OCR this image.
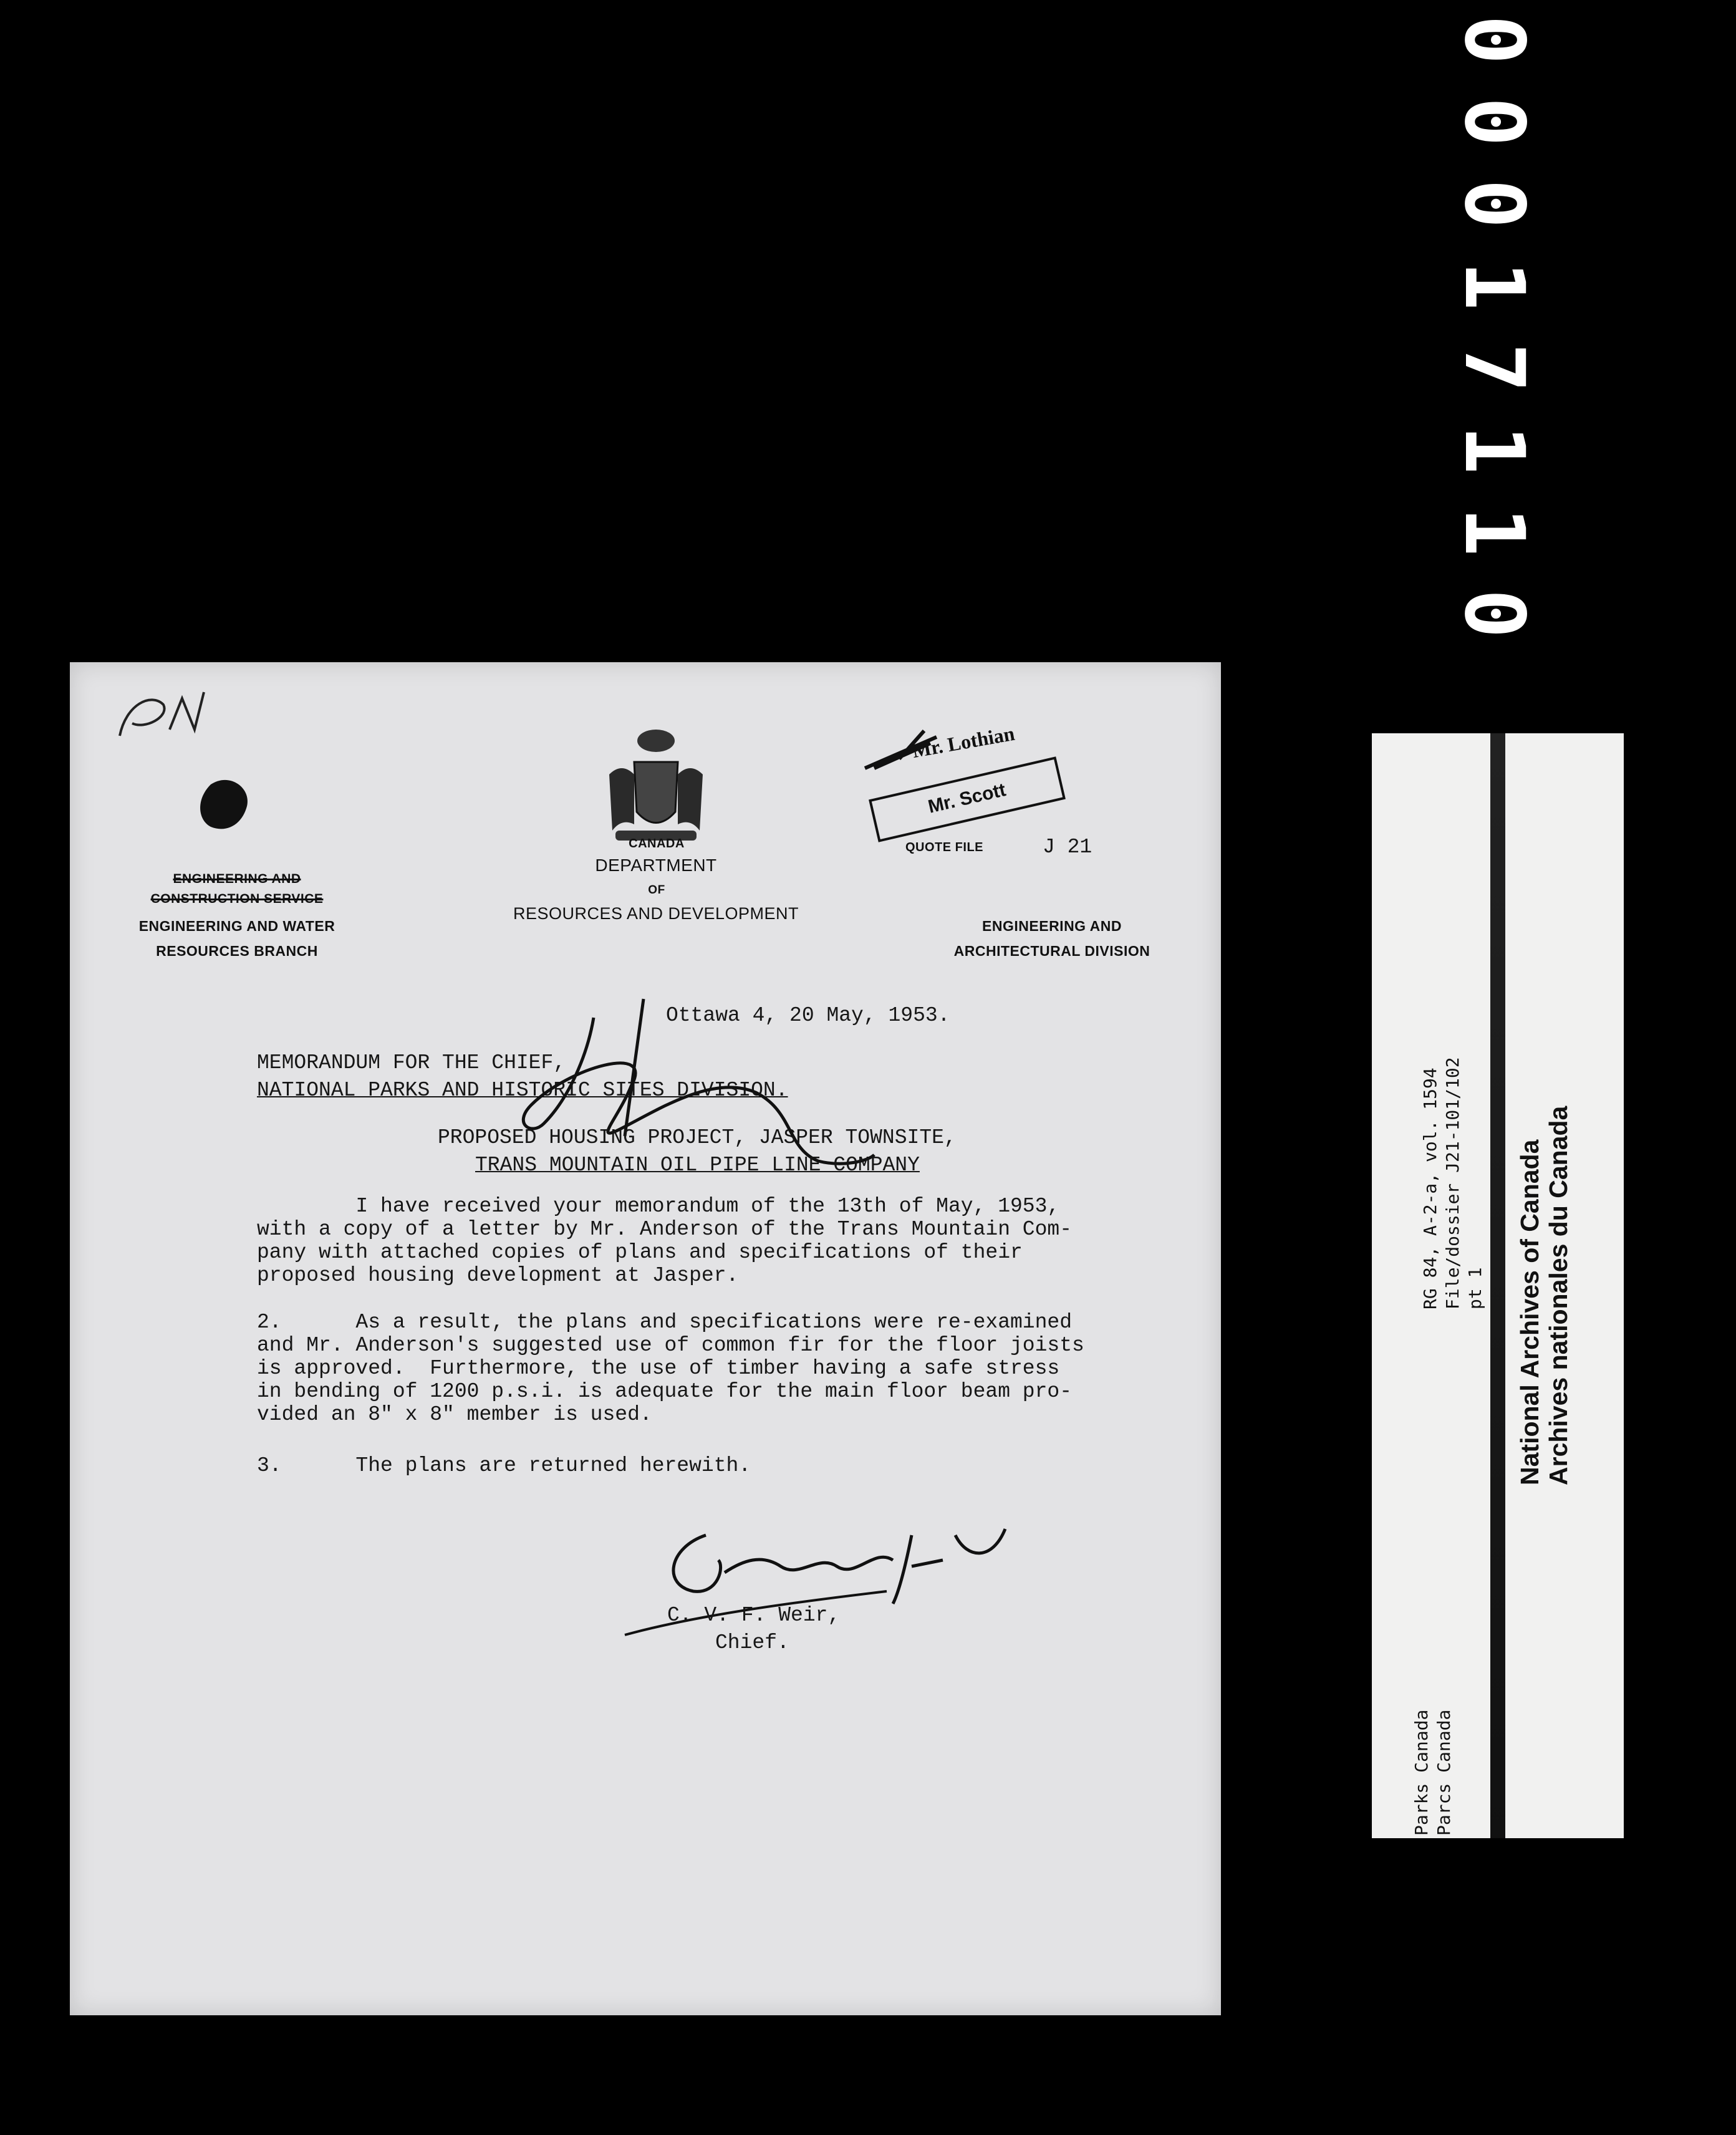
00017110
CANADA
DEPARTMENT
OF
RESOURCES AND DEVELOPMENT
ENGINEERING AND
CONSTRUCTION SERVICE
ENGINEERING AND WATER
RESOURCES BRANCH
ENGINEERING AND
ARCHITECTURAL DIVISION
Mr. Lothian
Mr. Scott
QUOTE FILE	J 21
Ottawa 4, 20 May, 1953.
MEMORANDUM FOR THE CHIEF,
NATIONAL PARKS AND HISTORIC SITES DIVISION.
PROPOSED HOUSING PROJECT, JASPER TOWNSITE,
TRANS MOUNTAIN OIL PIPE LINE COMPANY
I have received your memorandum of the 13th of May, 1953,
with a copy of a letter by Mr. Anderson of the Trans Mountain Com-
pany with attached copies of plans and specifications of their
proposed housing development at Jasper.
2.      As a result, the plans and specifications were re-examined
and Mr. Anderson's suggested use of common fir for the floor joists
is approved.  Furthermore, the use of timber having a safe stress
in bending of 1200 p.s.i. is adequate for the main floor beam pro-
vided an 8" x 8" member is used.
3.      The plans are returned herewith.
C. V. F. Weir,
Chief.
RG 84, A-2-a, vol. 1594 File/dossier J21-101/102 pt 1
Parks Canada Parcs Canada
National Archives of Canada Archives nationales du Canada
